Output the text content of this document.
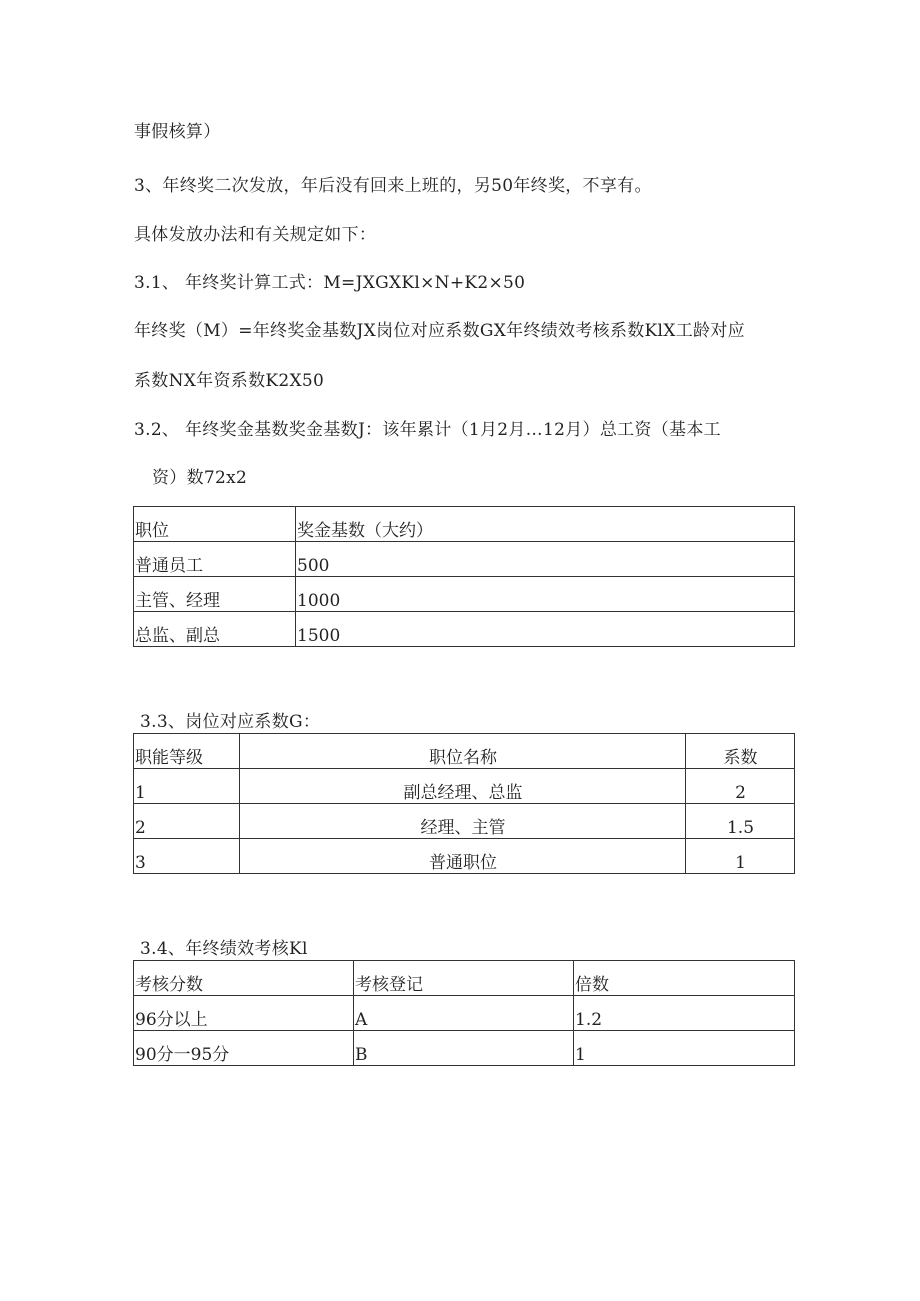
事假核算）
3、年终奖二次发放，年后没有回来上班的，另50年终奖，不享有。
具体发放办法和有关规定如下：
3.1、 年终奖计算工式：M=JXGXKl×N+K2×50
年终奖（M）=年终奖金基数JX岗位对应系数GX年终绩效考核系数KlX工龄对应
系数NX年资系数K2X50
3.2、 年终奖金基数奖金基数J：该年累计（1月2月…12月）总工资（基本工
资）数72x2
职位	奖金基数（大约）
普通员工	500
主管、经理	1000
总监、副总	1500
3.3、岗位对应系数G：
职能等级	职位名称	系数
1	副总经理、总监	2
2	经理、主管	1.5
3	普通职位	1
3.4、年终绩效考核Kl
考核分数	考核登记	倍数
96分以上	A	1.2
90分一95分	B	1
